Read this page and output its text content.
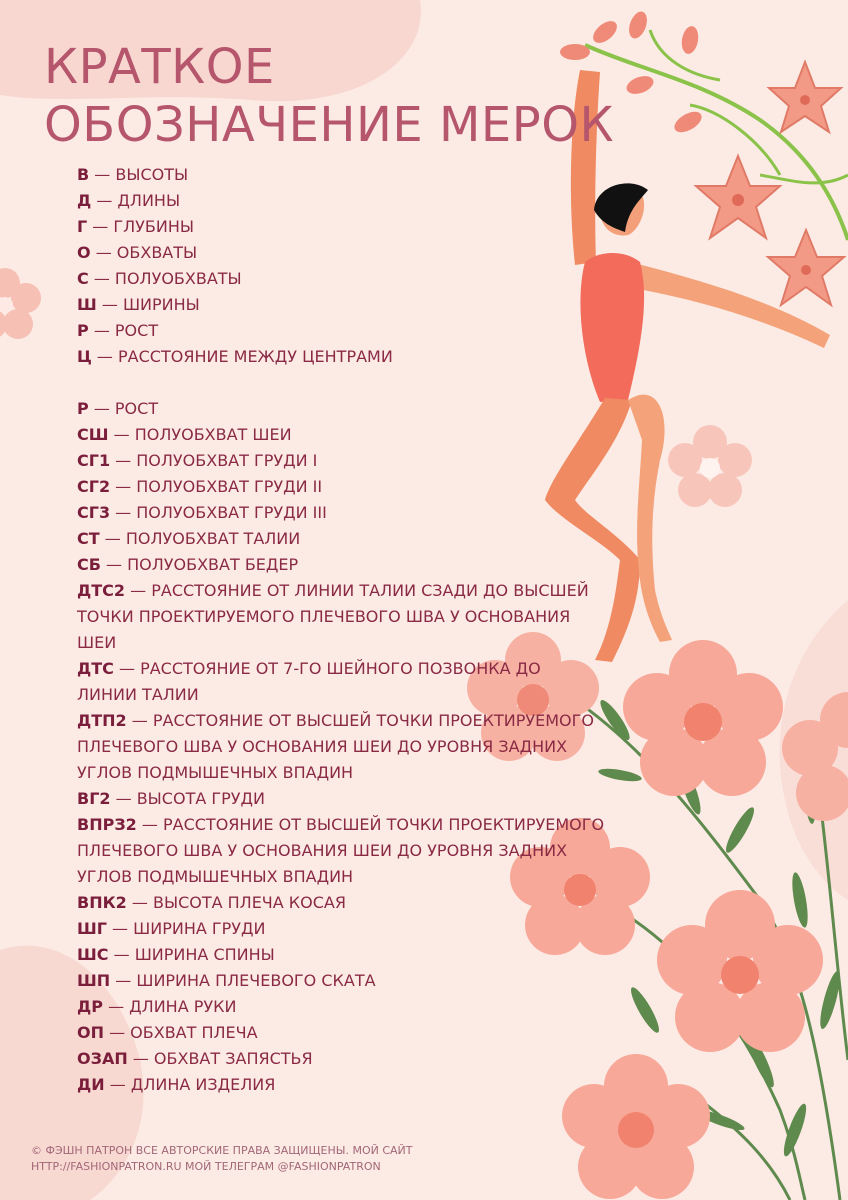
КРАТКОЕ
ОБОЗНАЧЕНИЕ МЕРОК
В — ВЫСОТЫ
Д — ДЛИНЫ
Г — ГЛУБИНЫ
О — ОБХВАТЫ
С — ПОЛУОБХВАТЫ
Ш — ШИРИНЫ
Р — РОСТ
Ц — РАССТОЯНИЕ МЕЖДУ ЦЕНТРАМИ
Р — РОСТ
СШ — ПОЛУОБХВАТ ШЕИ
СГ1 — ПОЛУОБХВАТ ГРУДИ I
СГ2 — ПОЛУОБХВАТ ГРУДИ II
СГ3 — ПОЛУОБХВАТ ГРУДИ III
СТ — ПОЛУОБХВАТ ТАЛИИ
СБ — ПОЛУОБХВАТ БЕДЕР
ДТС2 — РАССТОЯНИЕ ОТ ЛИНИИ ТАЛИИ СЗАДИ ДО ВЫСШЕЙ
ТОЧКИ ПРОЕКТИРУЕМОГО ПЛЕЧЕВОГО ШВА У ОСНОВАНИЯ
ШЕИ
ДТС — РАССТОЯНИЕ ОТ 7-ГО ШЕЙНОГО ПОЗВОНКА ДО
ЛИНИИ ТАЛИИ
ДТП2 — РАССТОЯНИЕ ОТ ВЫСШЕЙ ТОЧКИ ПРОЕКТИРУЕМОГО
ПЛЕЧЕВОГО ШВА У ОСНОВАНИЯ ШЕИ ДО УРОВНЯ ЗАДНИХ
УГЛОВ ПОДМЫШЕЧНЫХ ВПАДИН
ВГ2 — ВЫСОТА ГРУДИ
ВПРЗ2 — РАССТОЯНИЕ ОТ ВЫСШЕЙ ТОЧКИ ПРОЕКТИРУЕМОГО
ПЛЕЧЕВОГО ШВА У ОСНОВАНИЯ ШЕИ ДО УРОВНЯ ЗАДНИХ
УГЛОВ ПОДМЫШЕЧНЫХ ВПАДИН
ВПК2 — ВЫСОТА ПЛЕЧА КОСАЯ
ШГ — ШИРИНА ГРУДИ
ШС — ШИРИНА СПИНЫ
ШП — ШИРИНА ПЛЕЧЕВОГО СКАТА
ДР — ДЛИНА РУКИ
ОП — ОБХВАТ ПЛЕЧА
ОЗАП — ОБХВАТ ЗАПЯСТЬЯ
ДИ — ДЛИНА ИЗДЕЛИЯ
© ФЭШН ПАТРОН ВСЕ АВТОРСКИЕ ПРАВА ЗАЩИЩЕНЫ. МОЙ САЙТ
HTTP://FASHIONPATRON.RU МОЙ ТЕЛЕГРАМ @FASHIONPATRON
